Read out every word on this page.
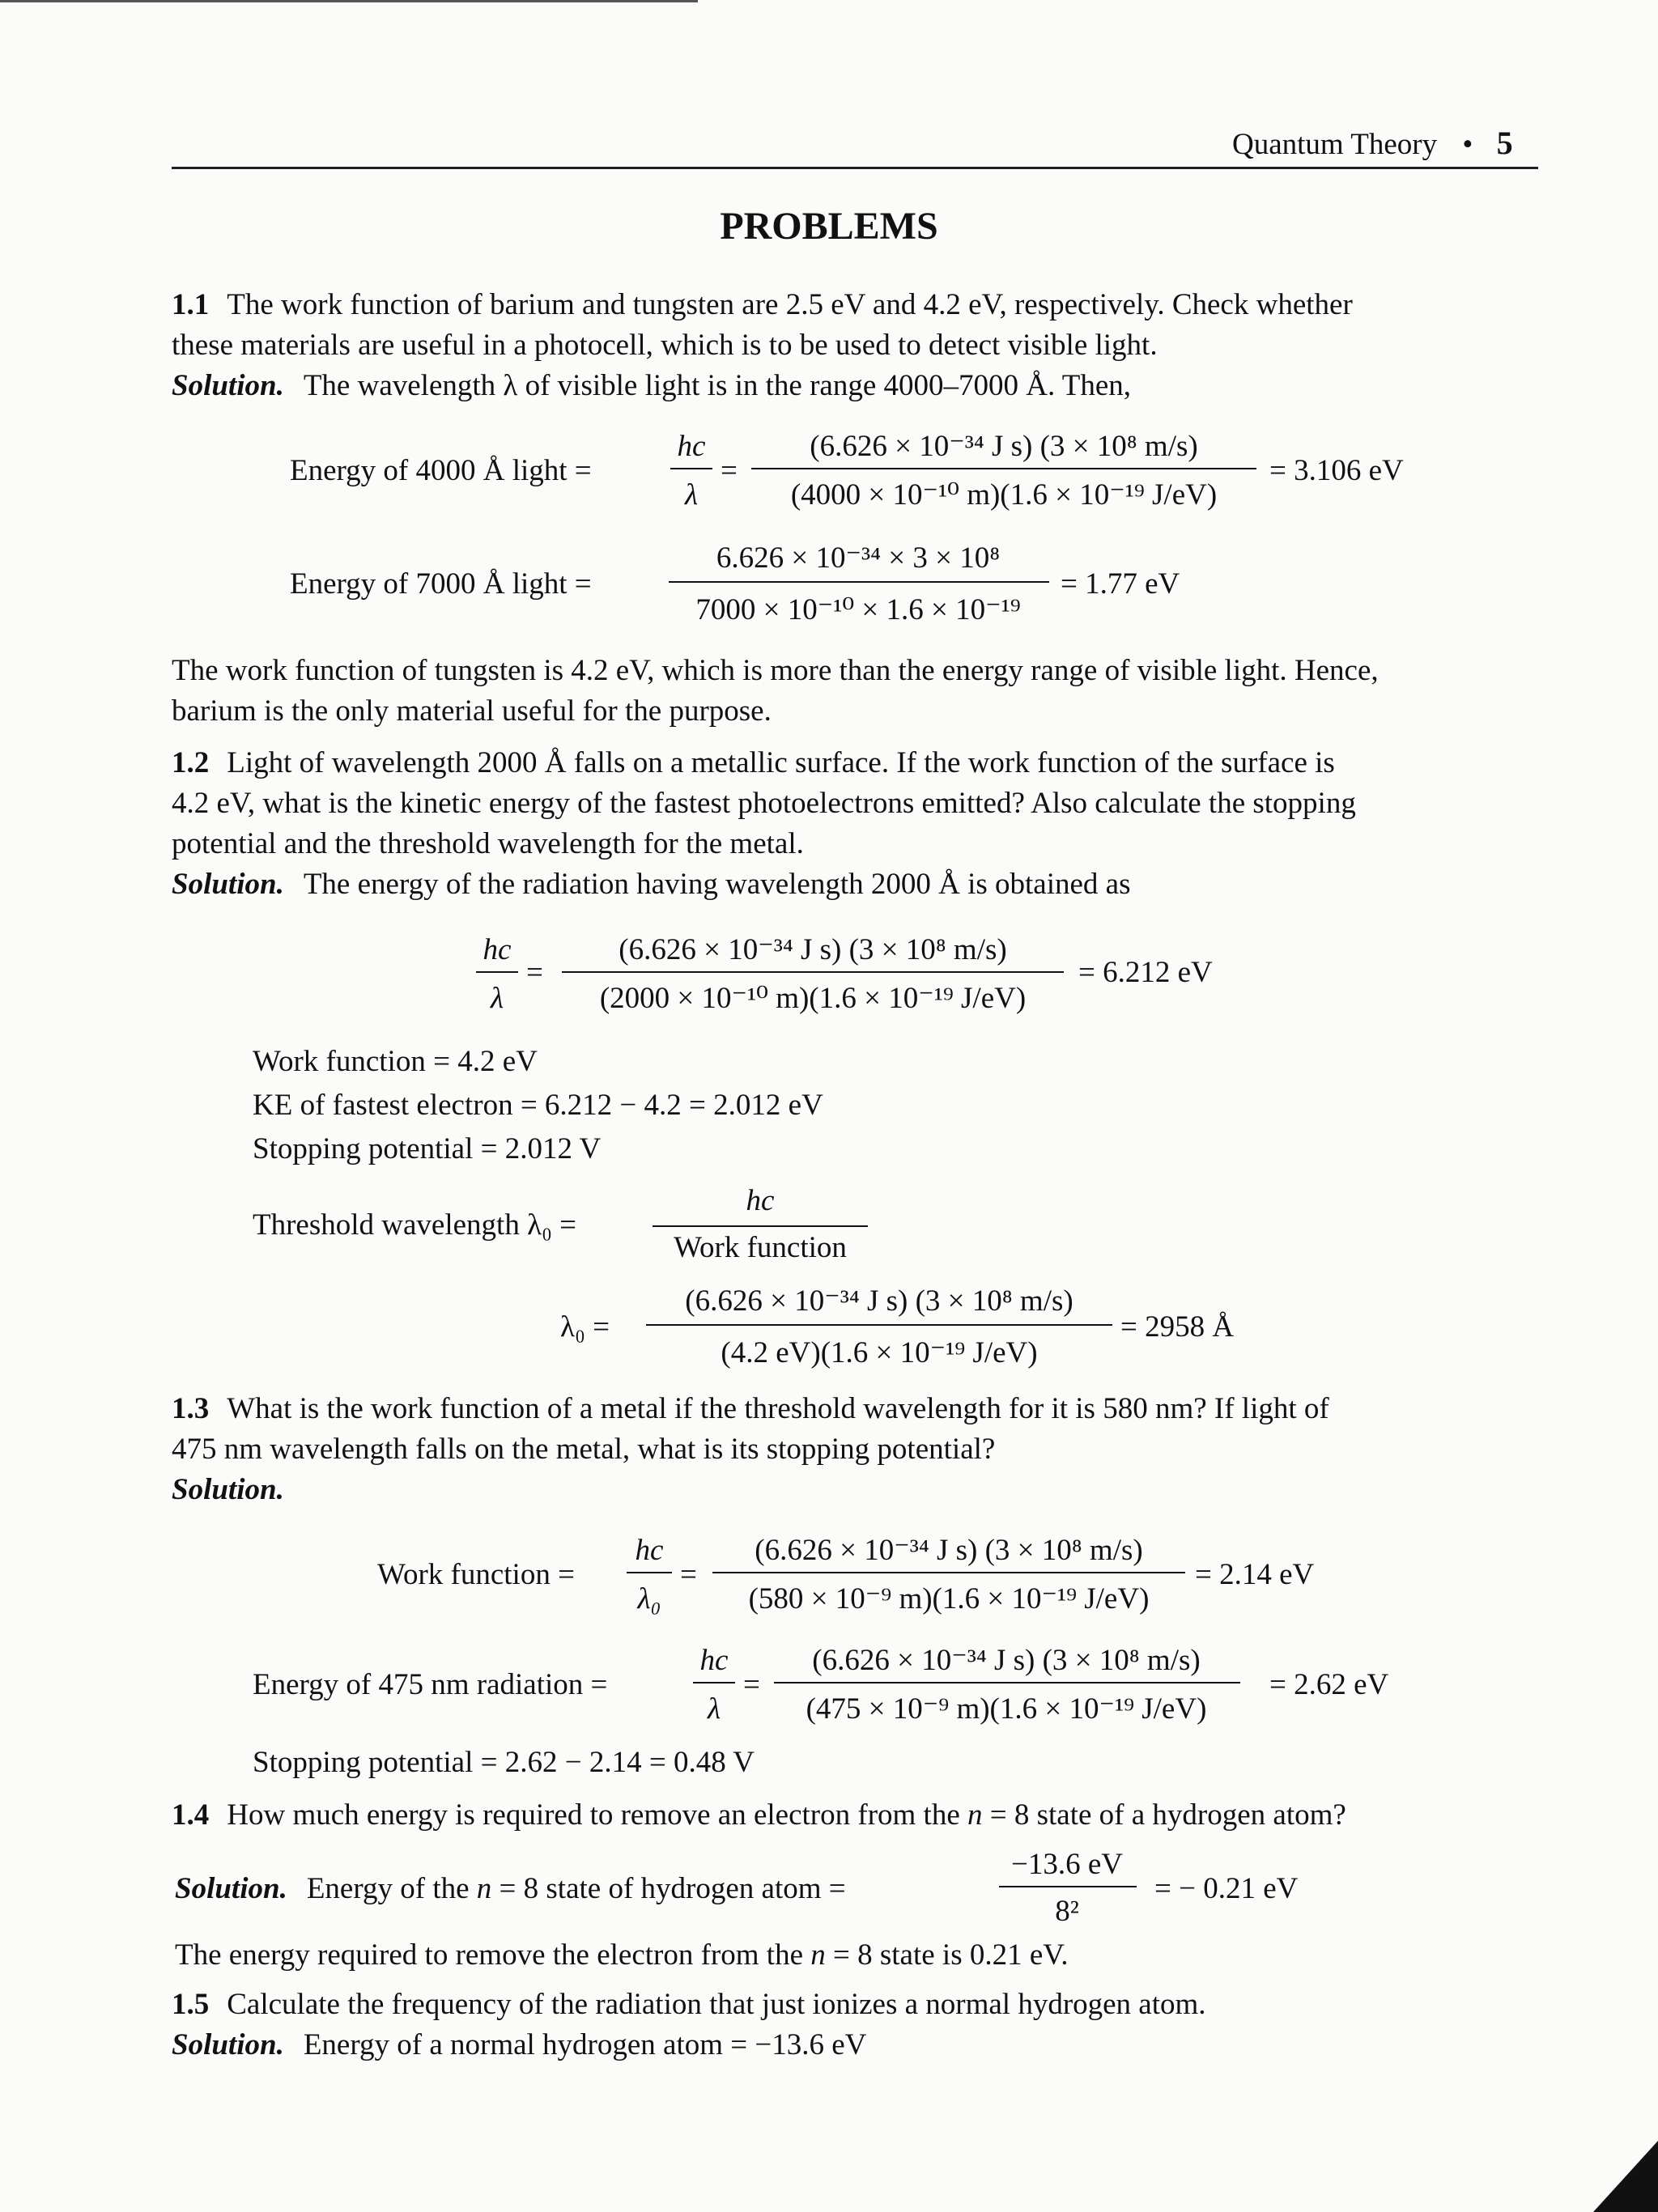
Quantum Theory • 5
PROBLEMS
1.1 The work function of barium and tungsten are 2.5 eV and 4.2 eV, respectively. Check whether
these materials are useful in a photocell, which is to be used to detect visible light.
Solution. The wavelength λ of visible light is in the range 4000–7000 Å. Then,
Energy of 4000 Å light =
hc
λ
=
(6.626 × 10⁻³⁴ J s) (3 × 10⁸ m/s)
(4000 × 10⁻¹⁰ m)(1.6 × 10⁻¹⁹ J/eV)
= 3.106 eV
Energy of 7000 Å light =
6.626 × 10⁻³⁴ × 3 × 10⁸
7000 × 10⁻¹⁰ × 1.6 × 10⁻¹⁹
= 1.77 eV
The work function of tungsten is 4.2 eV, which is more than the energy range of visible light. Hence,
barium is the only material useful for the purpose.
1.2 Light of wavelength 2000 Å falls on a metallic surface. If the work function of the surface is
4.2 eV, what is the kinetic energy of the fastest photoelectrons emitted? Also calculate the stopping
potential and the threshold wavelength for the metal.
Solution. The energy of the radiation having wavelength 2000 Å is obtained as
hc
λ
=
(6.626 × 10⁻³⁴ J s) (3 × 10⁸ m/s)
(2000 × 10⁻¹⁰ m)(1.6 × 10⁻¹⁹ J/eV)
= 6.212 eV
Work function = 4.2 eV
KE of fastest electron = 6.212 − 4.2 = 2.012 eV
Stopping potential = 2.012 V
Threshold wavelength λ₀ =
hc
Work function
λ₀ =
(6.626 × 10⁻³⁴ J s) (3 × 10⁸ m/s)
(4.2 eV)(1.6 × 10⁻¹⁹ J/eV)
= 2958 Å
1.3 What is the work function of a metal if the threshold wavelength for it is 580 nm? If light of
475 nm wavelength falls on the metal, what is its stopping potential?
Solution.
Work function =
hc
λ₀
=
(6.626 × 10⁻³⁴ J s) (3 × 10⁸ m/s)
(580 × 10⁻⁹ m)(1.6 × 10⁻¹⁹ J/eV)
= 2.14 eV
Energy of 475 nm radiation =
hc
λ
=
(6.626 × 10⁻³⁴ J s) (3 × 10⁸ m/s)
(475 × 10⁻⁹ m)(1.6 × 10⁻¹⁹ J/eV)
= 2.62 eV
Stopping potential = 2.62 − 2.14 = 0.48 V
1.4 How much energy is required to remove an electron from the n = 8 state of a hydrogen atom?
Solution. Energy of the n = 8 state of hydrogen atom =
−13.6 eV
8²
= − 0.21 eV
The energy required to remove the electron from the n = 8 state is 0.21 eV.
1.5 Calculate the frequency of the radiation that just ionizes a normal hydrogen atom.
Solution. Energy of a normal hydrogen atom = −13.6 eV
